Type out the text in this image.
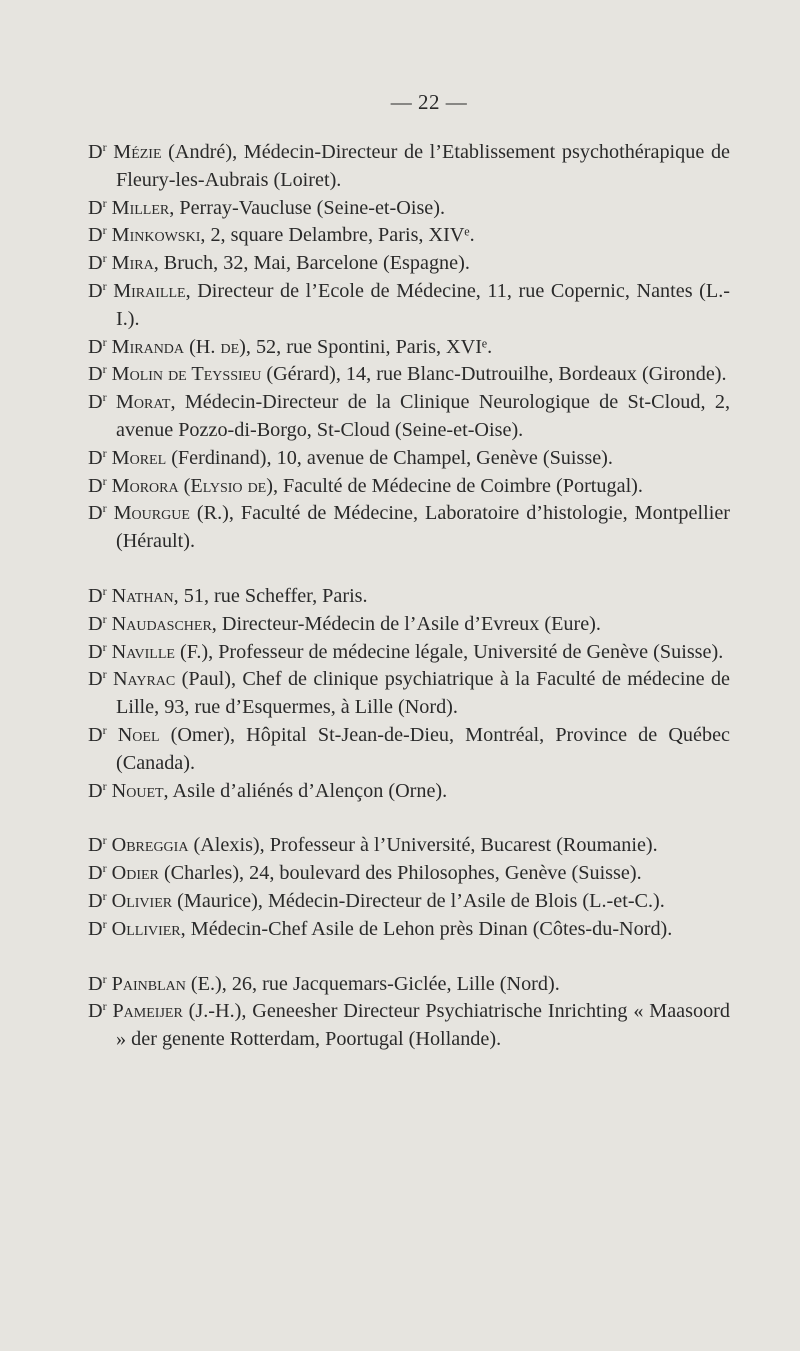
— 22 —
$D^r$ Mézie (André), Médecin-Directeur de l’Etablissement psychothérapique de Fleury-les-Aubrais (Loiret).
$D^r$ Miller, Perray-Vaucluse (Seine-et-Oise).
$D^r$ Minkowski, 2, square Delambre, Paris, XIVᵉ.
$D^r$ Mira, Bruch, 32, Mai, Barcelone (Espagne).
$D^r$ Miraille, Directeur de l’Ecole de Médecine, 11, rue Copernic, Nantes (L.-I.).
$D^r$ Miranda (H. de), 52, rue Spontini, Paris, XVIᵉ.
$D^r$ Molin de Teyssieu (Gérard), 14, rue Blanc-Dutrouilhe, Bordeaux (Gironde).
$D^r$ Morat, Médecin-Directeur de la Clinique Neurologique de St-Cloud, 2, avenue Pozzo-di-Borgo, St-Cloud (Seine-et-Oise).
$D^r$ Morel (Ferdinand), 10, avenue de Champel, Genève (Suisse).
$D^r$ Morora (Elysio de), Faculté de Médecine de Coimbre (Portugal).
$D^r$ Mourgue (R.), Faculté de Médecine, Laboratoire d’histologie, Montpellier (Hérault).
$D^r$ Nathan, 51, rue Scheffer, Paris.
$D^r$ Naudascher, Directeur-Médecin de l’Asile d’Evreux (Eure).
$D^r$ Naville (F.), Professeur de médecine légale, Université de Genève (Suisse).
$D^r$ Nayrac (Paul), Chef de clinique psychiatrique à la Faculté de médecine de Lille, 93, rue d’Esquermes, à Lille (Nord).
$D^r$ Noel (Omer), Hôpital St-Jean-de-Dieu, Montréal, Province de Québec (Canada).
$D^r$ Nouet, Asile d’aliénés d’Alençon (Orne).
$D^r$ Obreggia (Alexis), Professeur à l’Université, Bucarest (Roumanie).
$D^r$ Odier (Charles), 24, boulevard des Philosophes, Genève (Suisse).
$D^r$ Olivier (Maurice), Médecin-Directeur de l’Asile de Blois (L.-et-C.).
$D^r$ Ollivier, Médecin-Chef Asile de Lehon près Dinan (Côtes-du-Nord).
$D^r$ Painblan (E.), 26, rue Jacquemars-Giclée, Lille (Nord).
$D^r$ Pameijer (J.-H.), Geneesher Directeur Psychiatrische Inrichting « Maasoord » der genente Rotterdam, Poortugal (Hollande).
